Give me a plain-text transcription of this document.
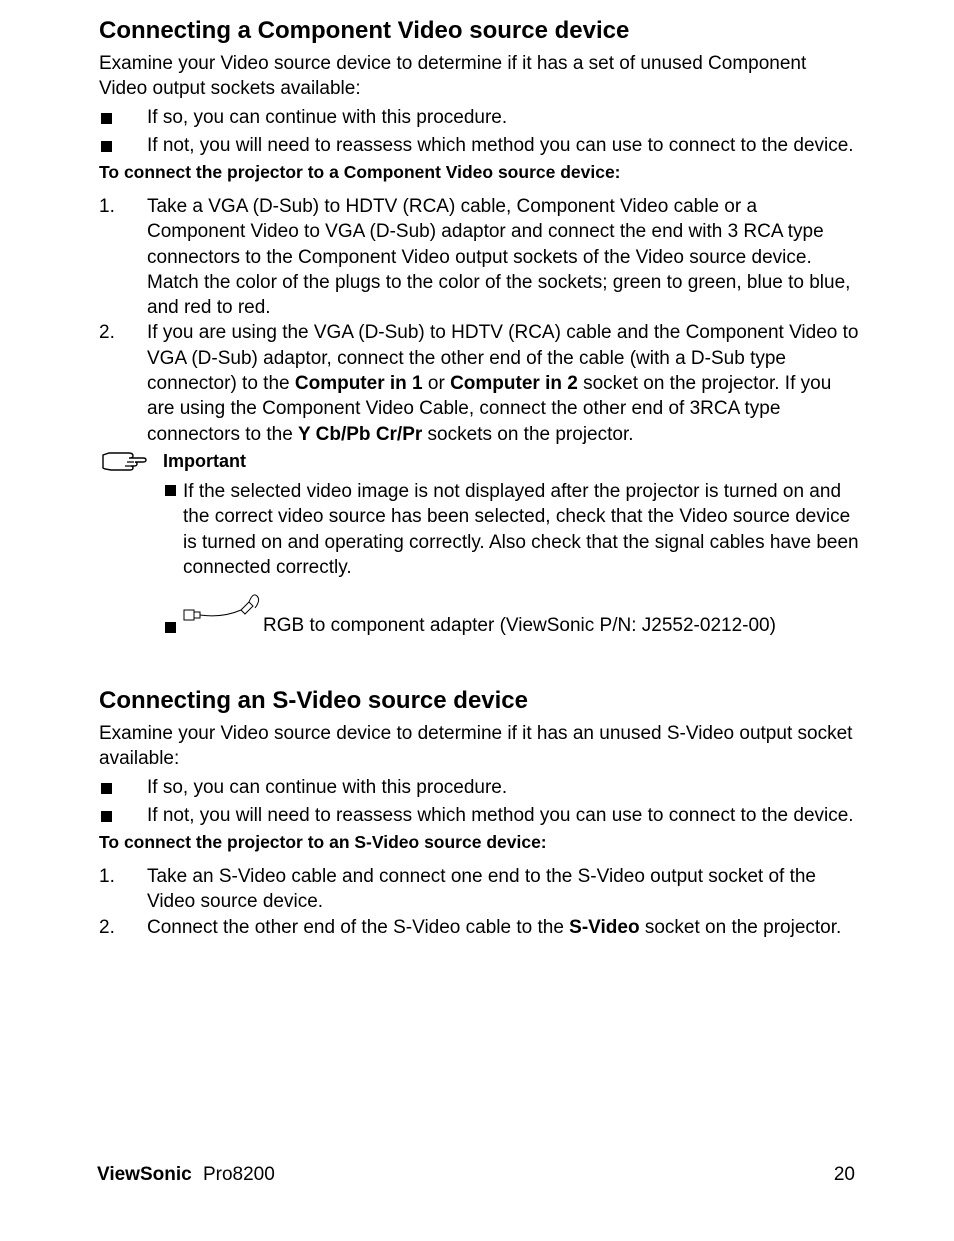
Connecting a Component Video source device

Examine your Video source device to determine if it has a set of unused Component Video output sockets available:

If so, you can continue with this procedure.
If not, you will need to reassess which method you can use to connect to the device.

To connect the projector to a Component Video source device:

1. Take a VGA (D-Sub) to HDTV (RCA) cable, Component Video cable or a Component Video to VGA (D-Sub) adaptor and connect the end with 3 RCA type connectors to the Component Video output sockets of the Video source device. Match the color of the plugs to the color of the sockets; green to green, blue to blue, and red to red.
2. If you are using the VGA (D-Sub) to HDTV (RCA) cable and the Component Video to VGA (D-Sub) adaptor, connect the other end of the cable (with a D-Sub type connector) to the Computer in 1 or Computer in 2 socket on the projector. If you are using the Component Video Cable, connect the other end of 3RCA type connectors to the Y Cb/Pb Cr/Pr sockets on the projector.
Important
If the selected video image is not displayed after the projector is turned on and the correct video source has been selected, check that the Video source device is turned on and operating correctly. Also check that the signal cables have been connected correctly.
RGB to component adapter (ViewSonic P/N: J2552-0212-00)
Connecting an S-Video source device

Examine your Video source device to determine if it has an unused S-Video output socket available:

If so, you can continue with this procedure.
If not, you will need to reassess which method you can use to connect to the device.

To connect the projector to an S-Video source device:

1. Take an S-Video cable and connect one end to the S-Video output socket of the Video source device.
2. Connect the other end of the S-Video cable to the S-Video socket on the projector.
ViewSonic Pro8200	20
